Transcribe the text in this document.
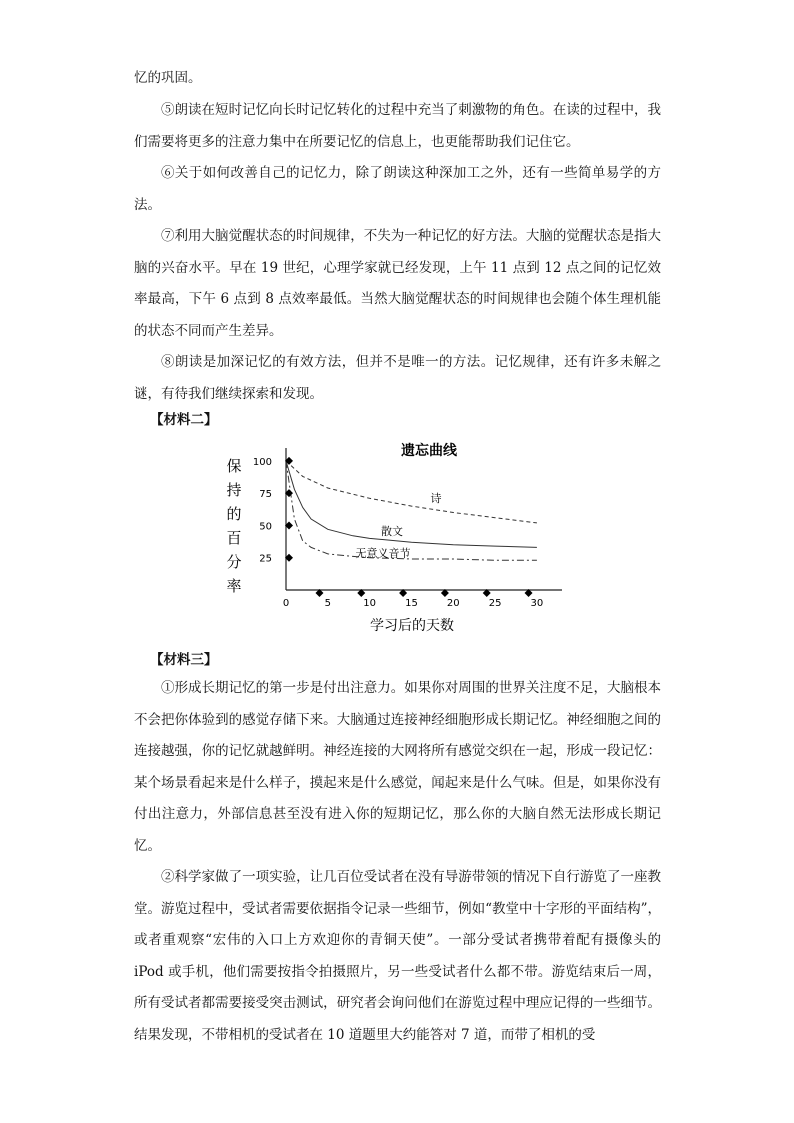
忆的巩固。

⑤朗读在短时记忆向长时记忆转化的过程中充当了刺激物的角色。在读的过程中，我们需要将更多的注意力集中在所要记忆的信息上，也更能帮助我们记住它。

⑥关于如何改善自己的记忆力，除了朗读这种深加工之外，还有一些简单易学的方法。

⑦利用大脑觉醒状态的时间规律，不失为一种记忆的好方法。大脑的觉醒状态是指大脑的兴奋水平。早在 19 世纪，心理学家就已经发现，上午 11 点到 12 点之间的记忆效率最高，下午 6 点到 8 点效率最低。当然大脑觉醒状态的时间规律也会随个体生理机能的状态不同而产生差异。

⑧朗读是加深记忆的有效方法，但并不是唯一的方法。记忆规律，还有许多未解之谜，有待我们继续探索和发现。

【材料二】
遗忘曲线
保
持
的
百
分
率
学习后的天数
0	5	10	15	20	25	30
25
50
75
100
诗
散文
无意义音节
【材料三】

①形成长期记忆的第一步是付出注意力。如果你对周围的世界关注度不足，大脑根本不会把你体验到的感觉存储下来。大脑通过连接神经细胞形成长期记忆。神经细胞之间的连接越强，你的记忆就越鲜明。神经连接的大网将所有感觉交织在一起，形成一段记忆：某个场景看起来是什么样子，摸起来是什么感觉，闻起来是什么气味。但是，如果你没有付出注意力，外部信息甚至没有进入你的短期记忆，那么你的大脑自然无法形成长期记忆。

②科学家做了一项实验，让几百位受试者在没有导游带领的情况下自行游览了一座教堂。游览过程中，受试者需要依据指令记录一些细节，例如“教堂中十字形的平面结构”，或者重观察“宏伟的入口上方欢迎你的青铜天使”。一部分受试者携带着配有摄像头的 iPod 或手机，他们需要按指令拍摄照片，另一些受试者什么都不带。游览结束后一周，所有受试者都需要接受突击测试，研究者会询问他们在游览过程中理应记得的一些细节。结果发现，不带相机的受试者在 10 道题里大约能答对 7 道，而带了相机的受
